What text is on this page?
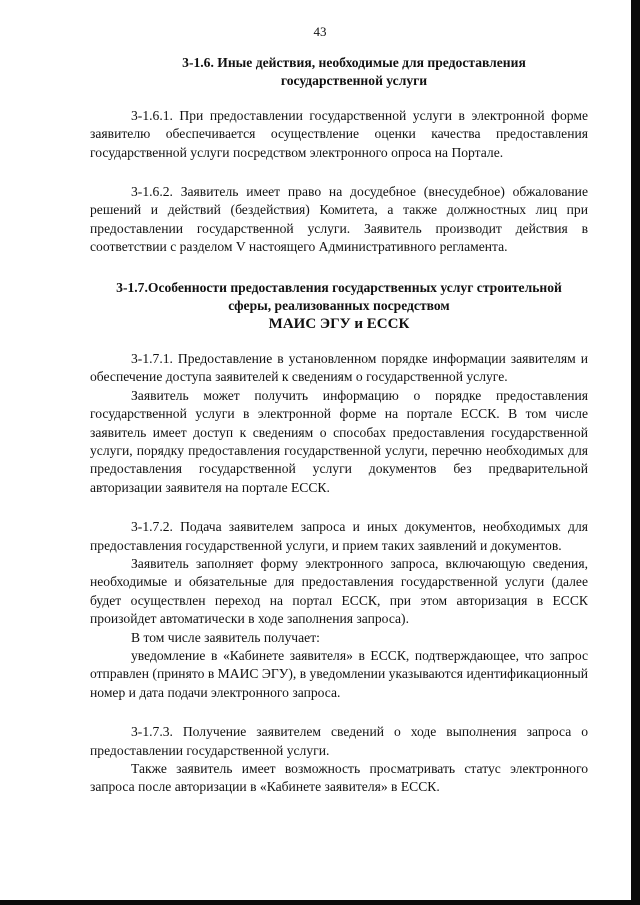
43
3-1.6. Иные действия, необходимые для предоставления
государственной услуги

3-1.6.1. При предоставлении государственной услуги в электронной форме заявителю обеспечивается осуществление оценки качества предоставления государственной услуги посредством электронного опроса на Портале.

3-1.6.2. Заявитель имеет право на досудебное (внесудебное) обжалование решений и действий (бездействия) Комитета, а также должностных лиц при предоставлении государственной услуги. Заявитель производит действия в соответствии с разделом V настоящего Административного регламента.

3-1.7.Особенности предоставления государственных услуг строительной
сферы, реализованных посредством
МАИС ЭГУ и ЕССК

3-1.7.1. Предоставление в установленном порядке информации заявителям и обеспечение доступа заявителей к сведениям о государственной услуге.

Заявитель может получить информацию о порядке предоставления государственной услуги в электронной форме на портале ЕССК. В том числе заявитель имеет доступ к сведениям о способах предоставления государственной услуги, порядку предоставления государственной услуги, перечню необходимых для предоставления государственной услуги документов без предварительной авторизации заявителя на портале ЕССК.

3-1.7.2. Подача заявителем запроса и иных документов, необходимых для предоставления государственной услуги, и прием таких заявлений и документов.

Заявитель заполняет форму электронного запроса, включающую сведения, необходимые и обязательные для предоставления государственной услуги (далее будет осуществлен переход на портал ЕССК, при этом авторизация в ЕССК произойдет автоматически в ходе заполнения запроса).

В том числе заявитель получает:

уведомление в «Кабинете заявителя» в ЕССК, подтверждающее, что запрос отправлен (принято в МАИС ЭГУ), в уведомлении указываются идентификационный номер и дата подачи электронного запроса.

3-1.7.3. Получение заявителем сведений о ходе выполнения запроса о предоставлении государственной услуги.

Также заявитель имеет возможность просматривать статус электронного запроса после авторизации в «Кабинете заявителя» в ЕССК.
